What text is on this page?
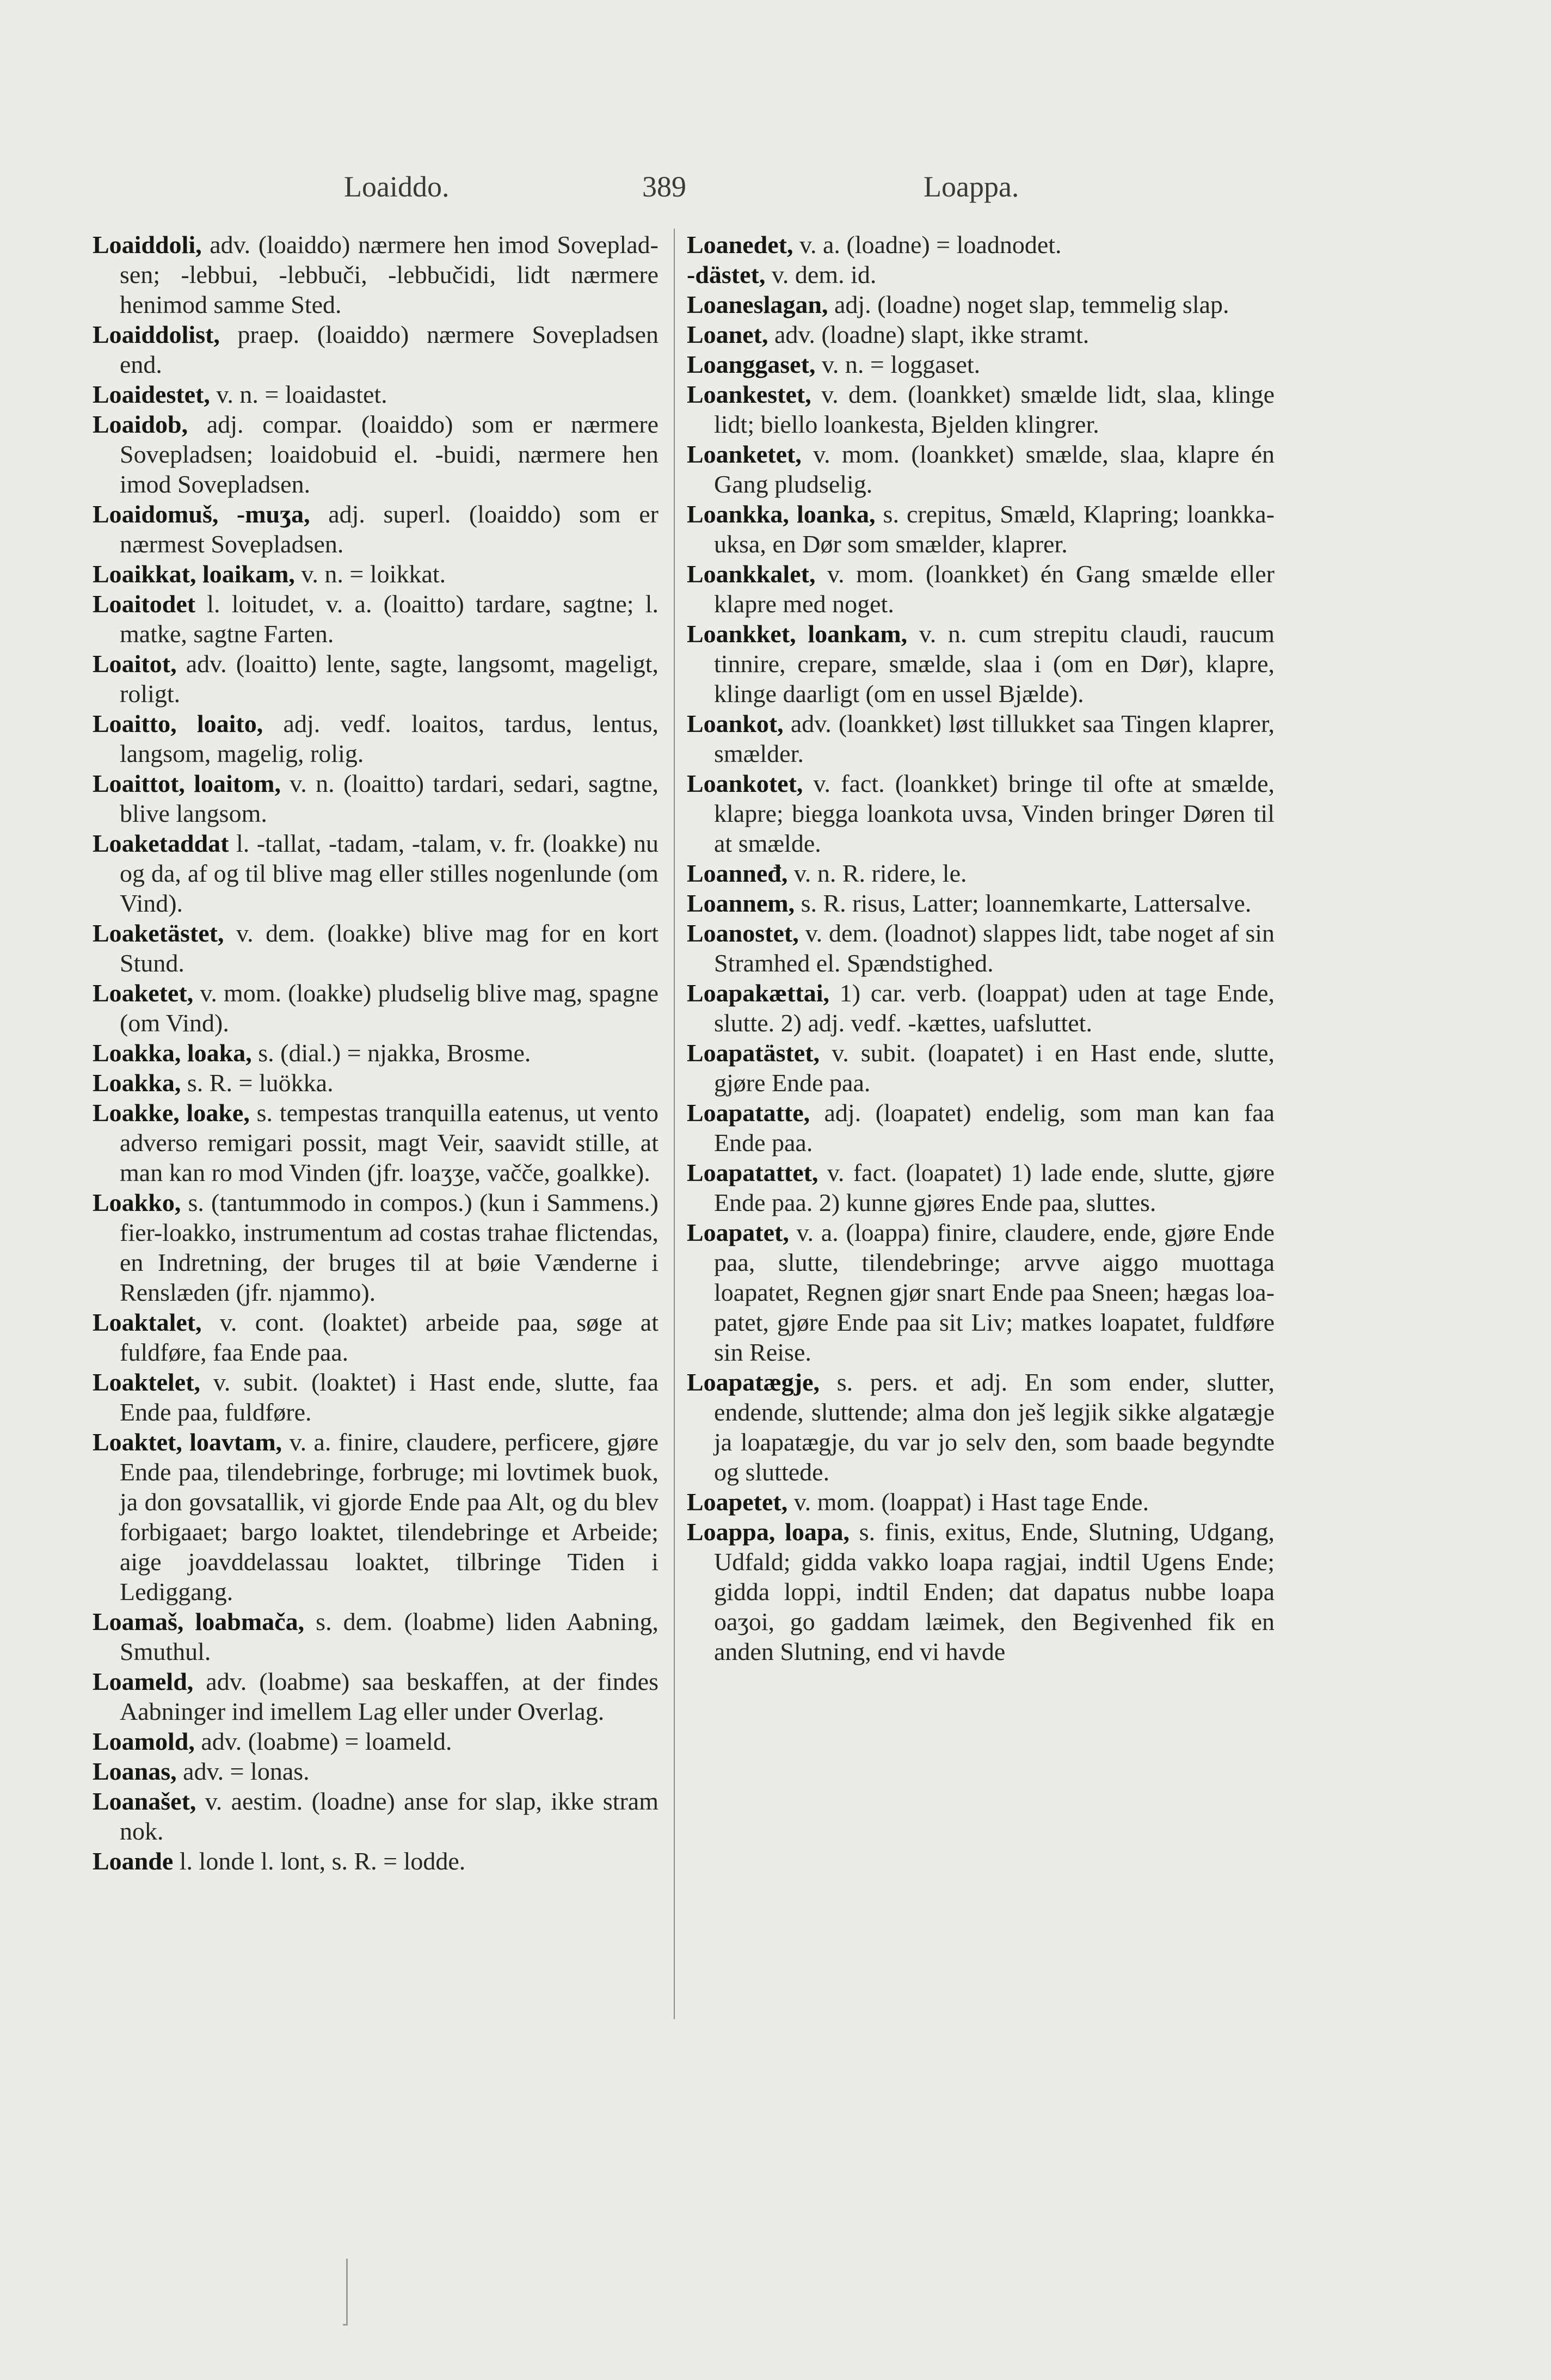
Loaiddo.	389	Loappa.
Loaiddoli, adv. (loaiddo) nærmere hen imod Sovepladsen; -lebbui, -lebbuči, -lebbučidi, lidt nærmere henimod samme Sted.
Loaiddolist, praep. (loaiddo) nærmere Sovepladsen end.
Loaidestet, v. n. = loaidastet.
Loaidob, adj. compar. (loaiddo) som er nærmere Sovepladsen; loaidobuid el. -buidi, nærmere hen imod Sovepladsen.
Loaidomuš, -muʒa, adj. superl. (loaiddo) som er nærmest Sovepladsen.
Loaikkat, loaikam, v. n. = loikkat.
Loaitodet l. loitudet, v. a. (loaitto) tardare, sagtne; l. matke, sagtne Farten.
Loaitot, adv. (loaitto) lente, sagte, langsomt, mageligt, roligt.
Loaitto, loaito, adj. vedf. loaitos, tardus, lentus, langsom, magelig, rolig.
Loaittot, loaitom, v. n. (loaitto) tardari, sedari, sagtne, blive langsom.
Loaketaddat l. -tallat, -tadam, -talam, v. fr. (loakke) nu og da, af og til blive mag eller stilles nogenlunde (om Vind).
Loaketästet, v. dem. (loakke) blive mag for en kort Stund.
Loaketet, v. mom. (loakke) pludselig blive mag, spagne (om Vind).
Loakka, loaka, s. (dial.) = njakka, Brosme.
Loakka, s. R. = luökka.
Loakke, loake, s. tempestas tranquilla eatenus, ut vento adverso remigari possit, magt Veir, saavidt stille, at man kan ro mod Vinden (jfr. loaʒʒe, vaččе, goalkke).
Loakko, s. (tantummodo in compos.) (kun i Sammens.) fier-loakko, instrumentum ad costas trahae flictendas, en Indretning, der bruges til at bøie Vænderne i Renslæden (jfr. njammo).
Loaktalet, v. cont. (loaktet) arbeide paa, søge at fuldføre, faa Ende paa.
Loaktelet, v. subit. (loaktet) i Hast ende, slutte, faa Ende paa, fuldføre.
Loaktet, loavtam, v. a. finire, claudere, perficere, gjøre Ende paa, tilendebringe, forbruge; mi lovtimek buok, ja don govsatallik, vi gjorde Ende paa Alt, og du blev forbigaaet; bargo loaktet, tilendebringe et Arbeide; aige joavddelassau loaktet, tilbringe Tiden i Lediggang.
Loamaš, loabmača, s. dem. (loabme) liden Aabning, Smuthul.
Loameld, adv. (loabme) saa beskaffen, at der findes Aabninger ind imellem Lag eller under Overlag.
Loamold, adv. (loabme) = loameld.
Loanas, adv. = lonas.
Loanašet, v. aestim. (loadne) anse for slap, ikke stram nok.
Loande l. londe l. lont, s. R. = lodde.
Loanedet, v. a. (loadne) = loadnodet.
-dästet, v. dem. id.
Loaneslagan, adj. (loadne) noget slap, temmelig slap.
Loanet, adv. (loadne) slapt, ikke stramt.
Loanggaset, v. n. = loggaset.
Loankestet, v. dem. (loankket) smælde lidt, slaa, klinge lidt; biello loankesta, Bjelden klingrer.
Loanketet, v. mom. (loankket) smælde, slaa, klapre én Gang pludselig.
Loankka, loanka, s. crepitus, Smæld, Klapring; loankka-uksa, en Dør som smælder, klaprer.
Loankkalet, v. mom. (loankket) én Gang smælde eller klapre med noget.
Loankket, loankam, v. n. cum strepitu claudi, raucum tinnire, crepare, smælde, slaa i (om en Dør), klapre, klinge daarligt (om en ussel Bjælde).
Loankot, adv. (loankket) løst tillukket saa Tingen klaprer, smælder.
Loankotet, v. fact. (loankket) bringe til ofte at smælde, klapre; biegga loankota uvsa, Vinden bringer Døren til at smælde.
Loanneđ, v. n. R. ridere, le.
Loannem, s. R. risus, Latter; loannemkarte, Lattersalve.
Loanostet, v. dem. (loadnot) slappes lidt, tabe noget af sin Stramhed el. Spændstighed.
Loapakættai, 1) car. verb. (loappat) uden at tage Ende, slutte. 2) adj. vedf. -kættes, uafsluttet.
Loapatästet, v. subit. (loapatet) i en Hast ende, slutte, gjøre Ende paa.
Loapatatte, adj. (loapatet) endelig, som man kan faa Ende paa.
Loapatattet, v. fact. (loapatet) 1) lade ende, slutte, gjøre Ende paa. 2) kunne gjøres Ende paa, sluttes.
Loapatet, v. a. (loappa) finire, claudere, ende, gjøre Ende paa, slutte, tilendebringe; arvve aiggo muottaga loapatet, Regnen gjør snart Ende paa Sneen; hægas loapatet, gjøre Ende paa sit Liv; matkes loapatet, fuldføre sin Reise.
Loapatægje, s. pers. et adj. En som ender, slutter, endende, sluttende; alma don ješ legjik sikke algatægje ja loapatægje, du var jo selv den, som baade begyndte og sluttede.
Loapetet, v. mom. (loappat) i Hast tage Ende.
Loappa, loapa, s. finis, exitus, Ende, Slutning, Udgang, Udfald; gidda vakko loapa ragjai, indtil Ugens Ende; gidda loppi, indtil Enden; dat dapatus nubbe loapa oaʒoi, go gaddam læimek, den Begivenhed fik en anden Slutning, end vi havde
